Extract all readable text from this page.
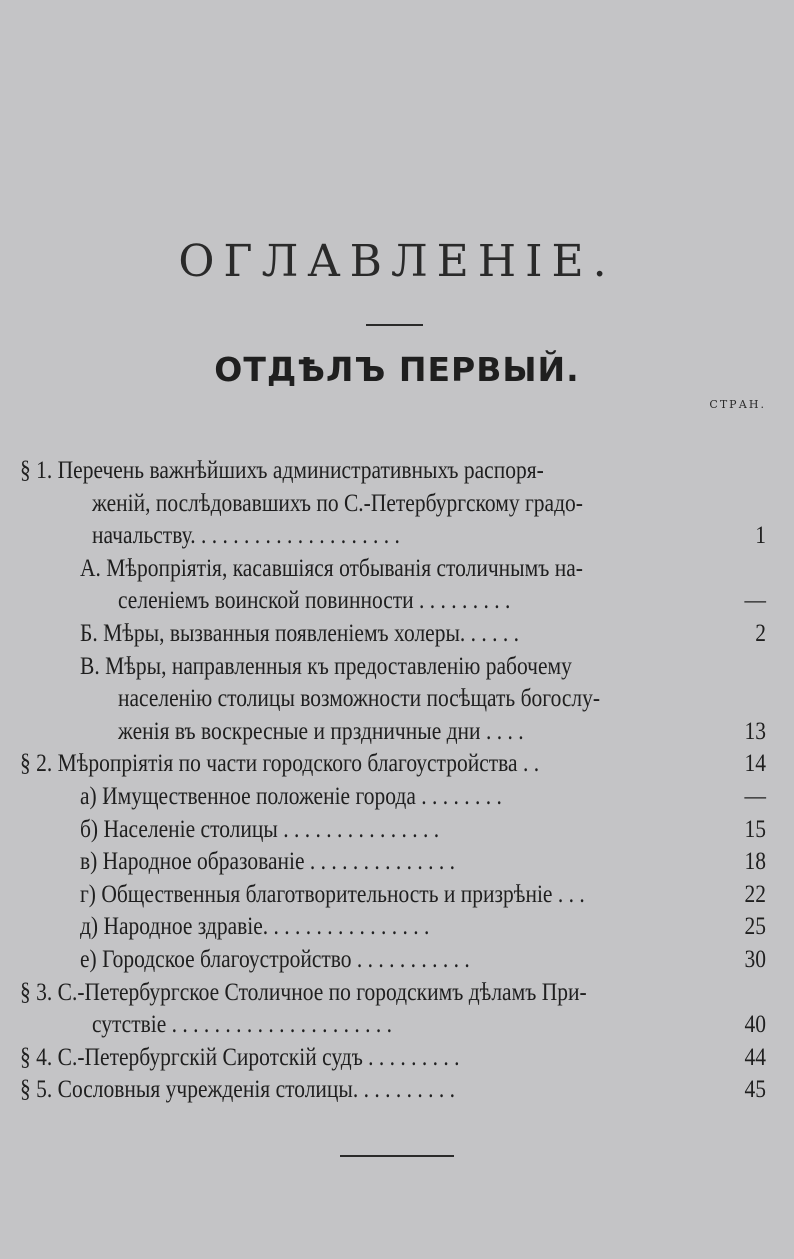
ОГЛАВЛЕНІЕ.
ОТДѢЛЪ ПЕРВЫЙ.
СТРАН.
§ 1. Перечень важнѣйшихъ административныхъ распоря-
женій, послѣдовавшихъ по С.-Петербургскому градо-
начальству. . . . . . . . . . . . . . . . . . . .	1
А. Мѣропріятія, касавшіяся отбыванія столичнымъ на-
селеніемъ воинской повинности . . . . . . . . .	—
Б. Мѣры, вызванныя появленіемъ холеры. . . . . .	2
В. Мѣры, направленныя къ предоставленію рабочему
населенію столицы возможности посѣщать богослу-
женія въ воскресные и прздничные дни . . . .	13
§ 2. Мѣропріятія по части городского благоустройства . .	14
а) Имущественное положеніе города . . . . . . . .	—
б) Населеніе столицы . . . . . . . . . . . . . . .	15
в) Народное образованіе . . . . . . . . . . . . . .	18
г) Общественныя благотворительность и призрѣніе . . .	22
д) Народное здравіе. . . . . . . . . . . . . . . .	25
е) Городское благоустройство . . . . . . . . . . .	30
§ 3. С.-Петербургское Столичное по городскимъ дѣламъ При-
сутствіе . . . . . . . . . . . . . . . . . . . . .	40
§ 4. С.-Петербургскій Сиротскій судъ . . . . . . . . .	44
§ 5. Сословныя учрежденія столицы. . . . . . . . . .	45
